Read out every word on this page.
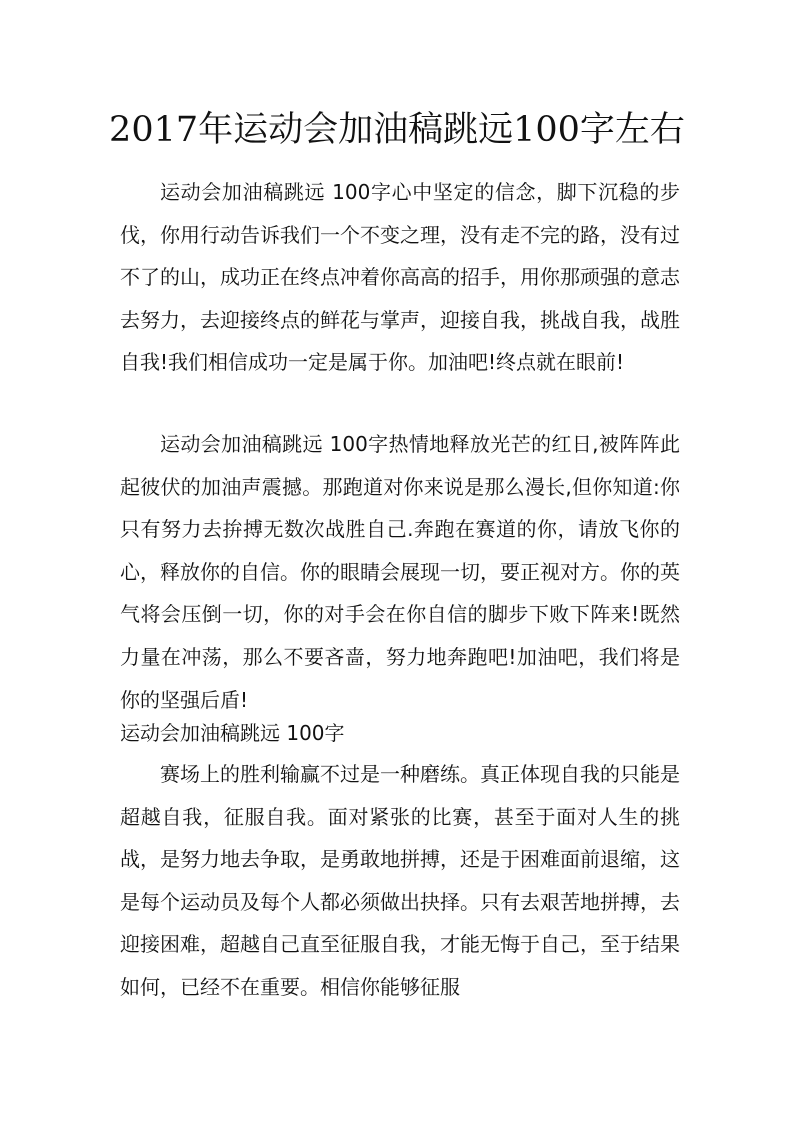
2017年运动会加油稿跳远100字左右

运动会加油稿跳远 100字心中坚定的信念，脚下沉稳的步伐，你用行动告诉我们一个不变之理，没有走不完的路，没有过不了的山，成功正在终点冲着你高高的招手，用你那顽强的意志去努力，去迎接终点的鲜花与掌声，迎接自我，挑战自我，战胜自我!我们相信成功一定是属于你。加油吧!终点就在眼前!

运动会加油稿跳远 100字热情地释放光芒的红日,被阵阵此起彼伏的加油声震撼。那跑道对你来说是那么漫长,但你知道:你只有努力去拚搏无数次战胜自己.奔跑在赛道的你，请放飞你的心，释放你的自信。你的眼睛会展现一切，要正视对方。你的英气将会压倒一切，你的对手会在你自信的脚步下败下阵来!既然力量在冲荡，那么不要吝啬，努力地奔跑吧!加油吧，我们将是你的坚强后盾!

运动会加油稿跳远 100字

赛场上的胜利输赢不过是一种磨练。真正体现自我的只能是超越自我，征服自我。面对紧张的比赛，甚至于面对人生的挑战，是努力地去争取，是勇敢地拼搏，还是于困难面前退缩，这是每个运动员及每个人都必须做出抉择。只有去艰苦地拼搏，去迎接困难，超越自己直至征服自我，才能无悔于自己，至于结果如何，已经不在重要。相信你能够征服
